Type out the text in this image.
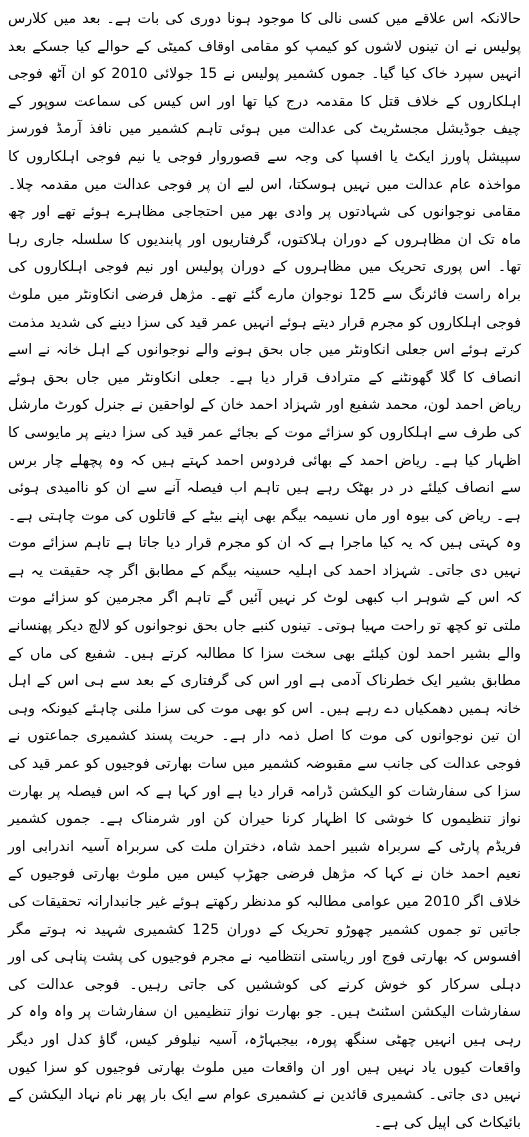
حالانکہ اس علاقے میں کسی نالی کا موجود ہونا دوری کی بات ہے۔ بعد میں کلارس پولیس نے ان تینوں لاشوں کو کیمپ کو مقامی اوقاف کمیٹی کے حوالے کیا جسکے بعد انہیں سپرد خاک کیا گیا۔ جموں کشمیر پولیس نے 15 جولائی 2010 کو ان آٹھ فوجی اہلکاروں کے خلاف قتل کا مقدمہ درج کیا تھا اور اس کیس کی سماعت سوپور کے چیف جوڈیشل مجسٹریٹ کی عدالت میں ہوئی تاہم کشمیر میں نافذ آرمڈ فورسز سپیشل پاورز ایکٹ یا افسپا کی وجہ سے قصوروار فوجی یا نیم فوجی اہلکاروں کا مواخذہ عام عدالت میں نہیں ہوسکتا، اس لیے ان پر فوجی عدالت میں مقدمہ چلا۔ مقامی نوجوانوں کی شہادتوں پر وادی بھر میں احتجاجی مظاہرے ہوئے تھے اور چھ ماہ تک ان مظاہروں کے دوران ہلاکتوں، گرفتاریوں اور پابندیوں کا سلسلہ جاری رہا تھا۔ اس پوری تحریک میں مظاہروں کے دوران پولیس اور نیم فوجی اہلکاروں کی براہ راست فائرنگ سے 125 نوجوان مارے گئے تھے۔ مژھل فرضی انکاونٹر میں ملوث فوجی اہلکاروں کو مجرم قرار دیتے ہوئے انہیں عمر قید کی سزا دینے کی شدید مذمت کرتے ہوئے اس جعلی انکاونٹر میں جاں بحق ہونے والے نوجوانوں کے اہل خانہ نے اسے انصاف کا گلا گھونٹنے کے مترادف قرار دیا ہے۔ جعلی انکاونٹر میں جاں بحق ہوئے ریاض احمد لون، محمد شفیع اور شہزاد احمد خان کے لواحقین نے جنرل کورٹ مارشل کی طرف سے اہلکاروں کو سزائے موت کے بجائے عمر قید کی سزا دینے پر مایوسی کا اظہار کیا ہے۔ ریاض احمد کے بھائی فردوس احمد کہتے ہیں کہ وہ پچھلے چار برس سے انصاف کیلئے در در بھٹک رہے ہیں تاہم اب فیصلہ آنے سے ان کو ناامیدی ہوئی ہے۔ ریاض کی بیوہ اور ماں نسیمہ بیگم بھی اپنے بیٹے کے قاتلوں کی موت چاہتی ہے۔ وہ کہتی ہیں کہ یہ کیا ماجرا ہے کہ ان کو مجرم قرار دیا جاتا ہے تاہم سزائے موت نہیں دی جاتی۔ شہزاد احمد کی اہلیہ حسینہ بیگم کے مطابق اگر چہ حقیقت یہ ہے کہ اس کے شوہر اب کبھی لوٹ کر نہیں آئیں گے تاہم اگر مجرمین کو سزائے موت ملتی تو کچھ تو راحت مہیا ہوتی۔ تینوں کنبے جاں بحق نوجوانوں کو لالچ دیکر پھنسانے والے بشیر احمد لون کیلئے بھی سخت سزا کا مطالبہ کرتے ہیں۔ شفیع کی ماں کے مطابق بشیر ایک خطرناک آدمی ہے اور اس کی گرفتاری کے بعد سے ہی اس کے اہل خانہ ہمیں دھمکیاں دے رہے ہیں۔ اس کو بھی موت کی سزا ملنی چاہئے کیونکہ وہی ان تین نوجوانوں کی موت کا اصل ذمہ دار ہے۔ حریت پسند کشمیری جماعتوں نے فوجی عدالت کی جانب سے مقبوضہ کشمیر میں سات بھارتی فوجیوں کو عمر قید کی سزا کی سفارشات کو الیکشن ڈرامہ قرار دیا ہے اور کہا ہے کہ اس فیصلہ پر بھارت نواز تنظیموں کا خوشی کا اظہار کرنا حیران کن اور شرمناک ہے۔ جموں کشمیر فریڈم پارٹی کے سربراہ شبیر احمد شاہ، دختران ملت کی سربراہ آسیہ اندرابی اور نعیم احمد خان نے کہا کہ مژھل فرضی جھڑپ کیس میں ملوث بھارتی فوجیوں کے خلاف اگر 2010 میں عوامی مطالبہ کو مدنظر رکھتے ہوئے غیر جانبدارانہ تحقیقات کی جاتیں تو جموں کشمیر چھوڑو تحریک کے دوران 125 کشمیری شہید نہ ہوتے مگر افسوس کہ بھارتی فوج اور ریاستی انتظامیہ نے مجرم فوجیوں کی پشت پناہی کی اور دہلی سرکار کو خوش کرنے کی کوششیں کی جاتی رہیں۔ فوجی عدالت کی سفارشات الیکشن اسٹنٹ ہیں۔ جو بھارت نواز تنظیمیں ان سفارشات پر واہ واہ کر رہی ہیں انہیں چھٹی سنگھ پورہ، بیجبہاڑہ، آسیہ نیلوفر کیس، گاؤ کدل اور دیگر واقعات کیوں یاد نہیں ہیں اور ان واقعات میں ملوث بھارتی فوجیوں کو سزا کیوں نہیں دی جاتی۔ کشمیری قائدین نے کشمیری عوام سے ایک بار پھر نام نہاد الیکشن کے بائیکاٹ کی اپیل کی ہے۔
